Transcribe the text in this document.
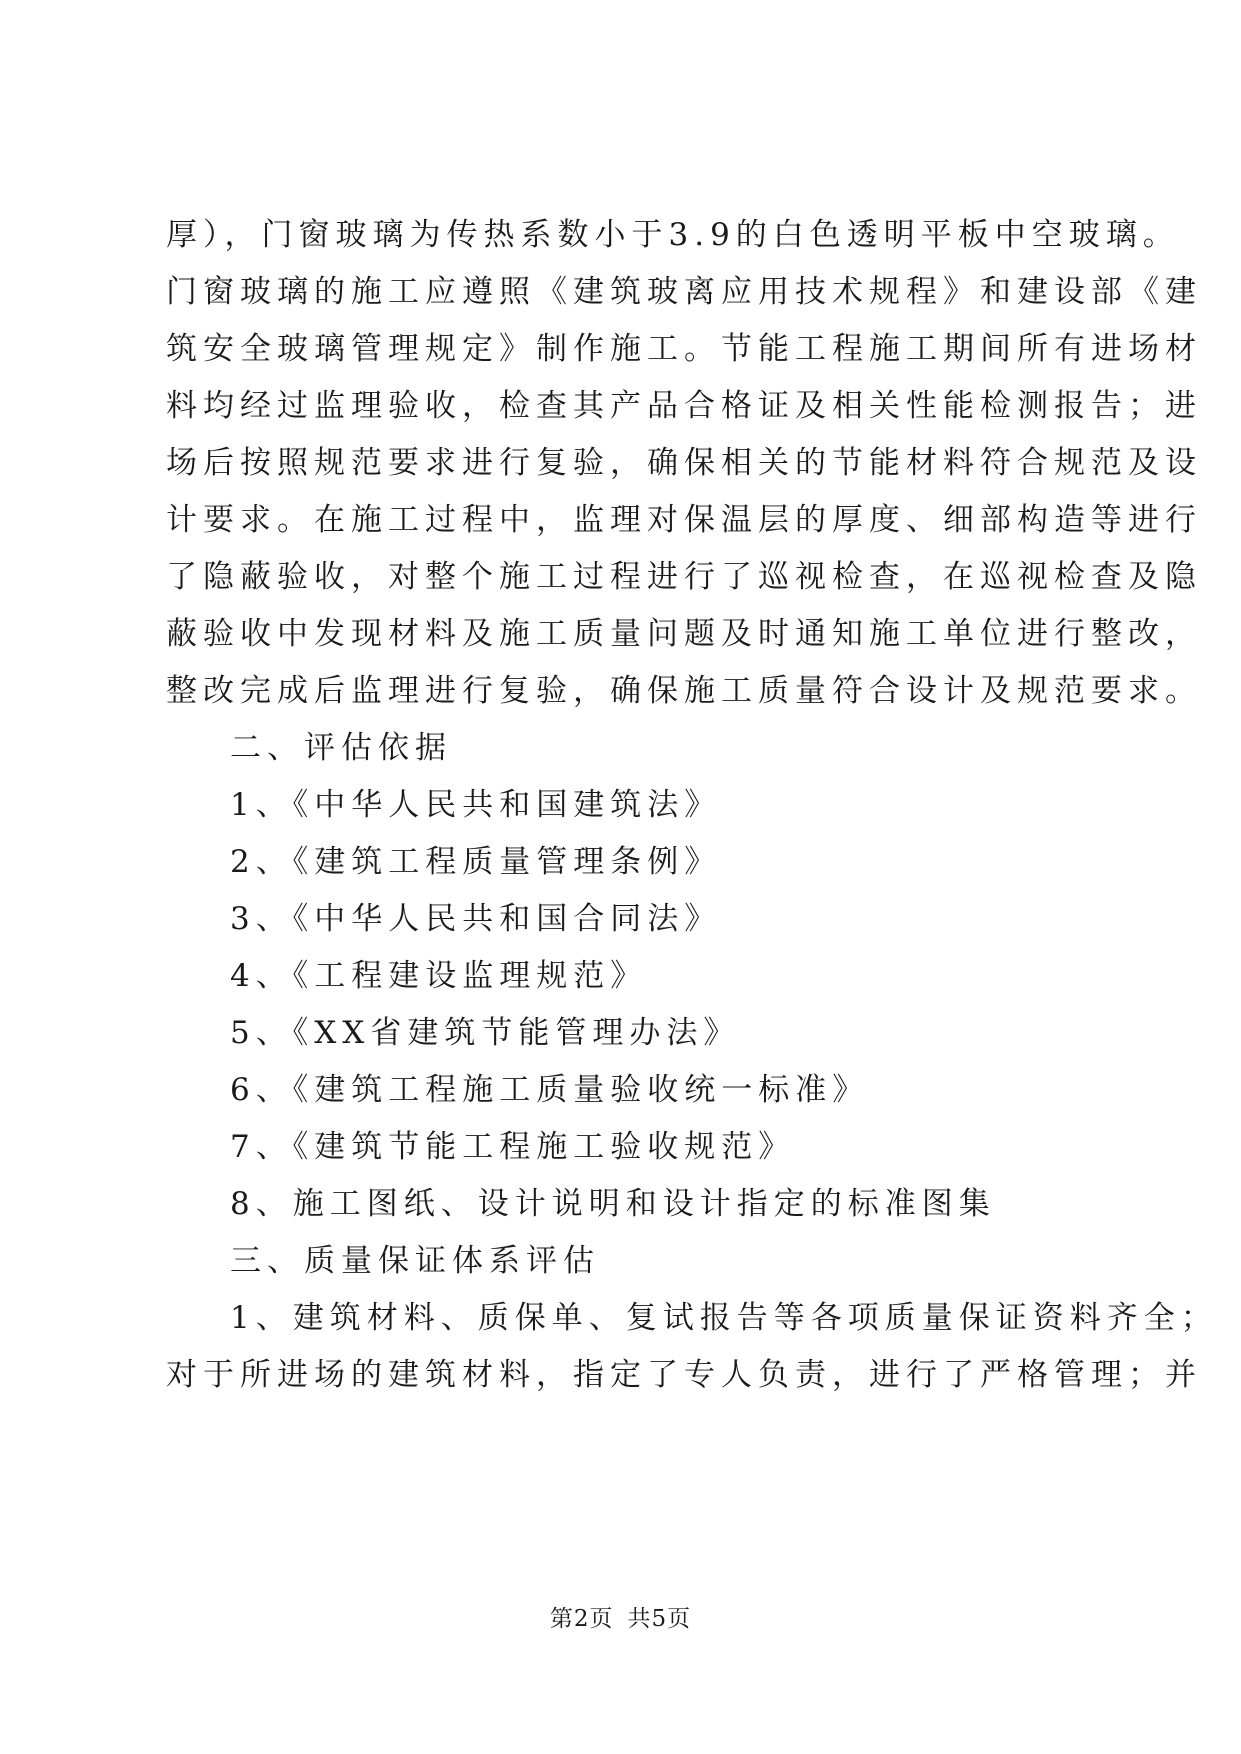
厚），门窗玻璃为传热系数小于3.9的白色透明平板中空玻璃。
门窗玻璃的施工应遵照《建筑玻离应用技术规程》和建设部《建
筑安全玻璃管理规定》制作施工。节能工程施工期间所有进场材
料均经过监理验收，检查其产品合格证及相关性能检测报告；进
场后按照规范要求进行复验，确保相关的节能材料符合规范及设
计要求。在施工过程中，监理对保温层的厚度、细部构造等进行
了隐蔽验收，对整个施工过程进行了巡视检查，在巡视检查及隐
蔽验收中发现材料及施工质量问题及时通知施工单位进行整改，
整改完成后监理进行复验，确保施工质量符合设计及规范要求。
二、评估依据
1、《中华人民共和国建筑法》
2、《建筑工程质量管理条例》
3、《中华人民共和国合同法》
4、《工程建设监理规范》
5、《XX省建筑节能管理办法》
6、《建筑工程施工质量验收统一标准》
7、《建筑节能工程施工验收规范》
8、施工图纸、设计说明和设计指定的标准图集
三、质量保证体系评估
1、建筑材料、质保单、复试报告等各项质量保证资料齐全；
对于所进场的建筑材料，指定了专人负责，进行了严格管理；并
第2页 共5页
